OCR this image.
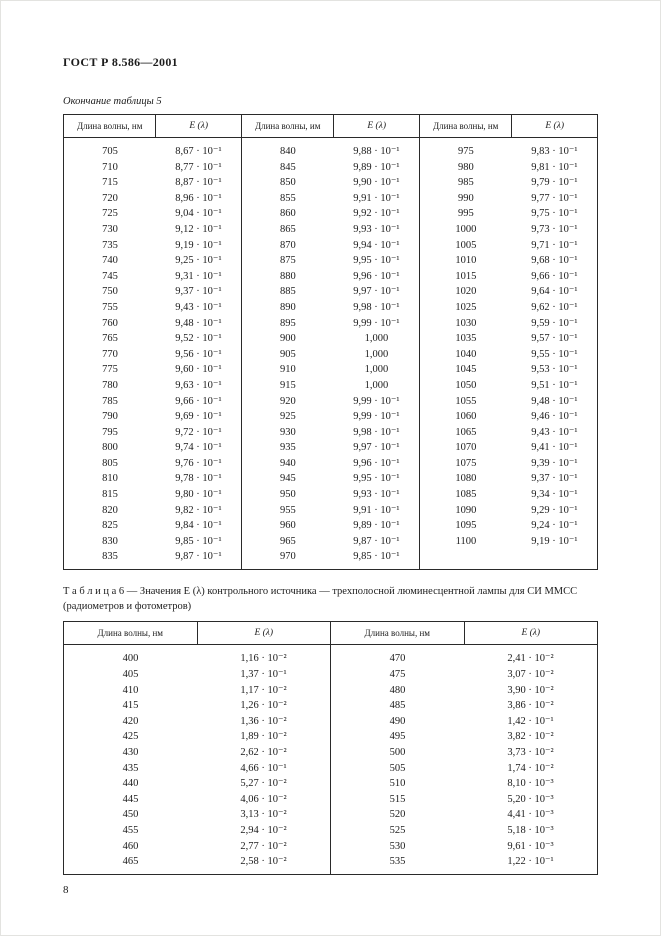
ГОСТ Р 8.586—2001
Окончание таблицы 5
Длина волны, нм	E (λ)	Длина волны, им	E (λ)	Длина волны, нм	E (λ)
705	8,67 · 10⁻¹	840	9,88 · 10⁻¹	975	9,83 · 10⁻¹
710	8,77 · 10⁻¹	845	9,89 · 10⁻¹	980	9,81 · 10⁻¹
715	8,87 · 10⁻¹	850	9,90 · 10⁻¹	985	9,79 · 10⁻¹
720	8,96 · 10⁻¹	855	9,91 · 10⁻¹	990	9,77 · 10⁻¹
725	9,04 · 10⁻¹	860	9,92 · 10⁻¹	995	9,75 · 10⁻¹
730	9,12 · 10⁻¹	865	9,93 · 10⁻¹	1000	9,73 · 10⁻¹
735	9,19 · 10⁻¹	870	9,94 · 10⁻¹	1005	9,71 · 10⁻¹
740	9,25 · 10⁻¹	875	9,95 · 10⁻¹	1010	9,68 · 10⁻¹
745	9,31 · 10⁻¹	880	9,96 · 10⁻¹	1015	9,66 · 10⁻¹
750	9,37 · 10⁻¹	885	9,97 · 10⁻¹	1020	9,64 · 10⁻¹
755	9,43 · 10⁻¹	890	9,98 · 10⁻¹	1025	9,62 · 10⁻¹
760	9,48 · 10⁻¹	895	9,99 · 10⁻¹	1030	9,59 · 10⁻¹
765	9,52 · 10⁻¹	900	1,000	1035	9,57 · 10⁻¹
770	9,56 · 10⁻¹	905	1,000	1040	9,55 · 10⁻¹
775	9,60 · 10⁻¹	910	1,000	1045	9,53 · 10⁻¹
780	9,63 · 10⁻¹	915	1,000	1050	9,51 · 10⁻¹
785	9,66 · 10⁻¹	920	9,99 · 10⁻¹	1055	9,48 · 10⁻¹
790	9,69 · 10⁻¹	925	9,99 · 10⁻¹	1060	9,46 · 10⁻¹
795	9,72 · 10⁻¹	930	9,98 · 10⁻¹	1065	9,43 · 10⁻¹
800	9,74 · 10⁻¹	935	9,97 · 10⁻¹	1070	9,41 · 10⁻¹
805	9,76 · 10⁻¹	940	9,96 · 10⁻¹	1075	9,39 · 10⁻¹
810	9,78 · 10⁻¹	945	9,95 · 10⁻¹	1080	9,37 · 10⁻¹
815	9,80 · 10⁻¹	950	9,93 · 10⁻¹	1085	9,34 · 10⁻¹
820	9,82 · 10⁻¹	955	9,91 · 10⁻¹	1090	9,29 · 10⁻¹
825	9,84 · 10⁻¹	960	9,89 · 10⁻¹	1095	9,24 · 10⁻¹
830	9,85 · 10⁻¹	965	9,87 · 10⁻¹	1100	9,19 · 10⁻¹
835	9,87 · 10⁻¹	970	9,85 · 10⁻¹		
Т а б л и ц а 6 — Значения E (λ) контрольного источника — трехполосной люминесцентной лампы для СИ ММСС (радиометров и фотометров)
Длина волны, нм	E (λ)	Длина волны, нм	E (λ)
400	1,16 · 10⁻²	470	2,41 · 10⁻²
405	1,37 · 10⁻¹	475	3,07 · 10⁻²
410	1,17 · 10⁻²	480	3,90 · 10⁻²
415	1,26 · 10⁻²	485	3,86 · 10⁻²
420	1,36 · 10⁻²	490	1,42 · 10⁻¹
425	1,89 · 10⁻²	495	3,82 · 10⁻²
430	2,62 · 10⁻²	500	3,73 · 10⁻²
435	4,66 · 10⁻¹	505	1,74 · 10⁻²
440	5,27 · 10⁻²	510	8,10 · 10⁻³
445	4,06 · 10⁻²	515	5,20 · 10⁻³
450	3,13 · 10⁻²	520	4,41 · 10⁻³
455	2,94 · 10⁻²	525	5,18 · 10⁻³
460	2,77 · 10⁻²	530	9,61 · 10⁻³
465	2,58 · 10⁻²	535	1,22 · 10⁻¹
8
